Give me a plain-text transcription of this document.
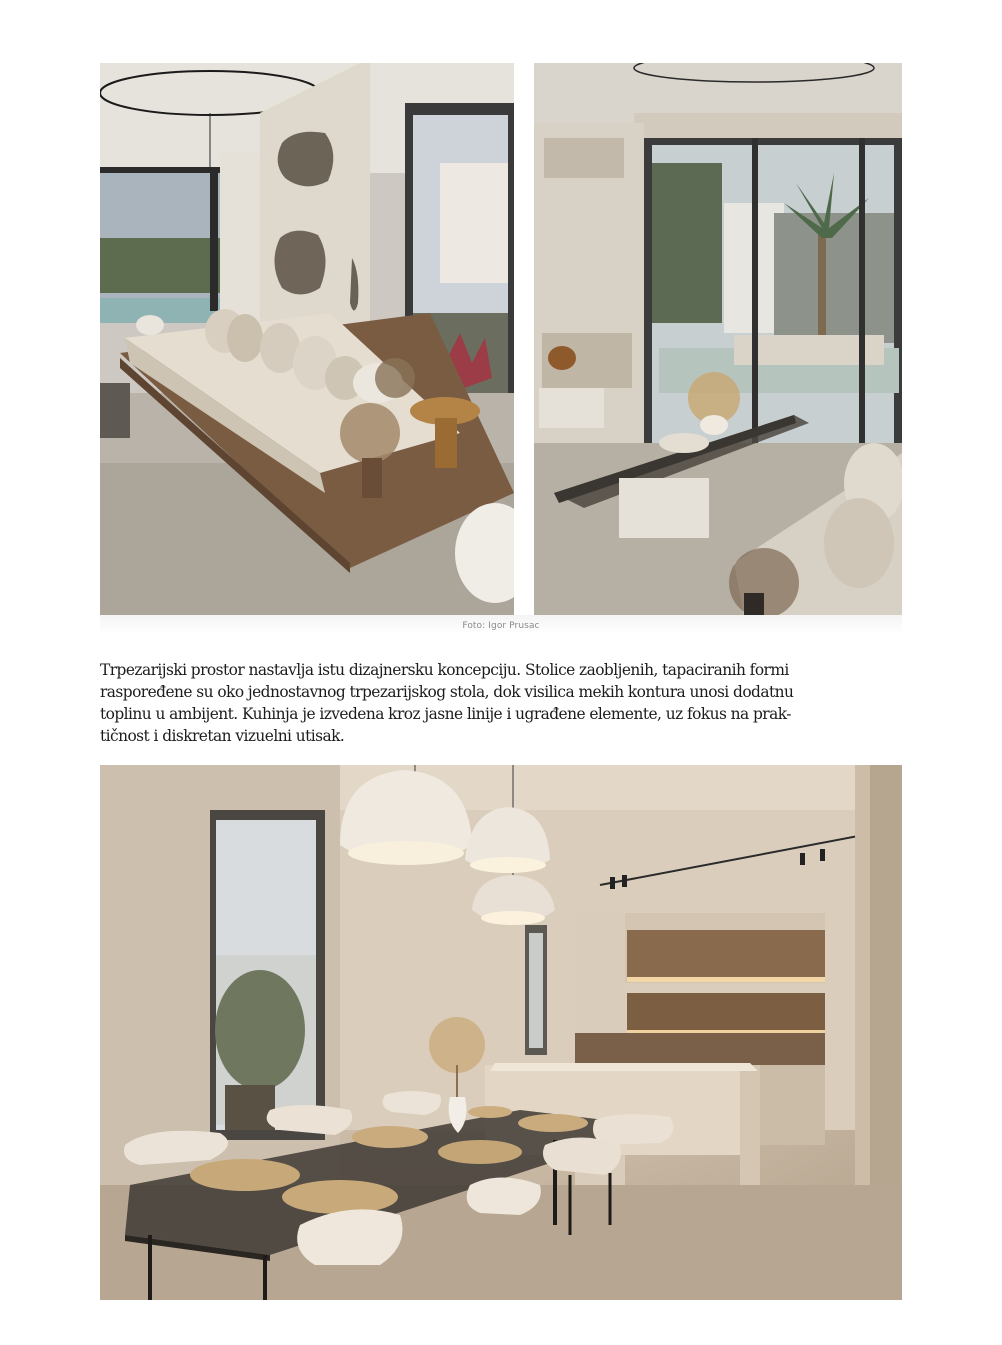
Foto: Igor Prusac

Trpezarijski prostor nastavlja istu dizajnersku koncepciju. Stolice zaobljenih, tapaciranih formi
raspoređene su oko jednostavnog trpezarijskog stola, dok visilica mekih kontura unosi dodatnu
toplinu u ambijent. Kuhinja je izvedena kroz jasne linije i ugrađene elemente, uz fokus na prak-
tičnost i diskretan vizuelni utisak.
